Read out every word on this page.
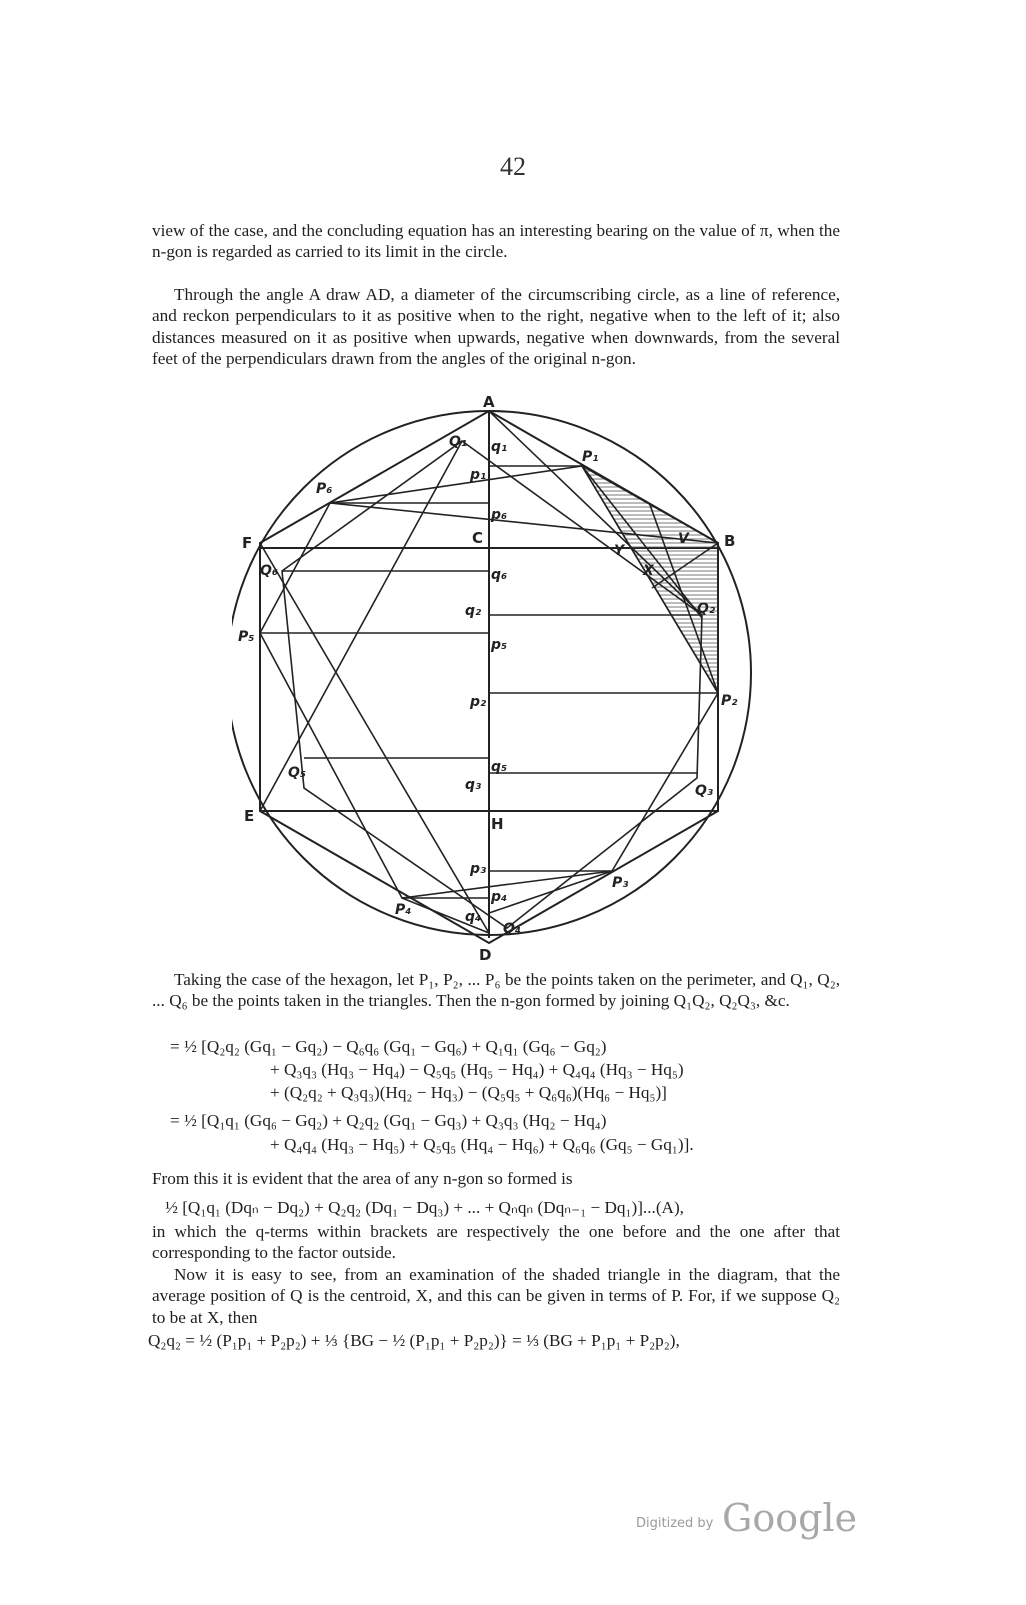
42

view of the case, and the concluding equation has an interesting bearing on the value of π, when the n-gon is regarded as carried to its limit in the circle.

Through the angle A draw AD, a diameter of the circumscribing circle, as a line of reference, and reckon perpendiculars to it as positive when to the right, negative when to the left of it; also distances measured on it as positive when upwards, negative when downwards, from the several feet of the perpendiculars drawn from the angles of the original n-gon.

A
B
C
D
E
F
H
P₁
P₂
P₃
P₄
P₅
P₆
p₁
p₂
p₃
p₄
p₅
p₆
Q₁
Q₂
Q₃
Q₄
Q₅
Q₆
q₁
q₂
q₃
q₄
q₅
q₆	X
Y
V

Taking the case of the hexagon, let P₁, P₂, ... P₆ be the points taken on the perimeter, and Q₁, Q₂, ... Q₆ be the points taken in the triangles. Then the n-gon formed by joining Q₁Q₂, Q₂Q₃, &c.

= ½ [Q₂q₂ (Gq₁ − Gq₂) − Q₆q₆ (Gq₁ − Gq₆) + Q₁q₁ (Gq₆ − Gq₂)
+ Q₃q₃ (Hq₃ − Hq₄) − Q₅q₅ (Hq₅ − Hq₄) + Q₄q₄ (Hq₃ − Hq₅)
+ (Q₂q₂ + Q₃q₃)(Hq₂ − Hq₃) − (Q₅q₅ + Q₆q₆)(Hq₆ − Hq₅)]
= ½ [Q₁q₁ (Gq₆ − Gq₂) + Q₂q₂ (Gq₁ − Gq₃) + Q₃q₃ (Hq₂ − Hq₄)
+ Q₄q₄ (Hq₃ − Hq₅) + Q₅q₅ (Hq₄ − Hq₆) + Q₆q₆ (Gq₅ − Gq₁)].

From this it is evident that the area of any n-gon so formed is

½ [Q₁q₁ (Dqₙ − Dq₂) + Q₂q₂ (Dq₁ − Dq₃) + ... + Qₙqₙ (Dqₙ₋₁ − Dq₁)]...(A),

in which the q-terms within brackets are respectively the one before and the one after that corresponding to the factor outside.

Now it is easy to see, from an examination of the shaded triangle in the diagram, that the average position of Q is the centroid, X, and this can be given in terms of P. For, if we suppose Q₂ to be at X, then

Q₂q₂ = ½ (P₁p₁ + P₂p₂) + ⅓ {BG − ½ (P₁p₁ + P₂p₂)} = ⅓ (BG + P₁p₁ + P₂p₂),
Digitized by Google
